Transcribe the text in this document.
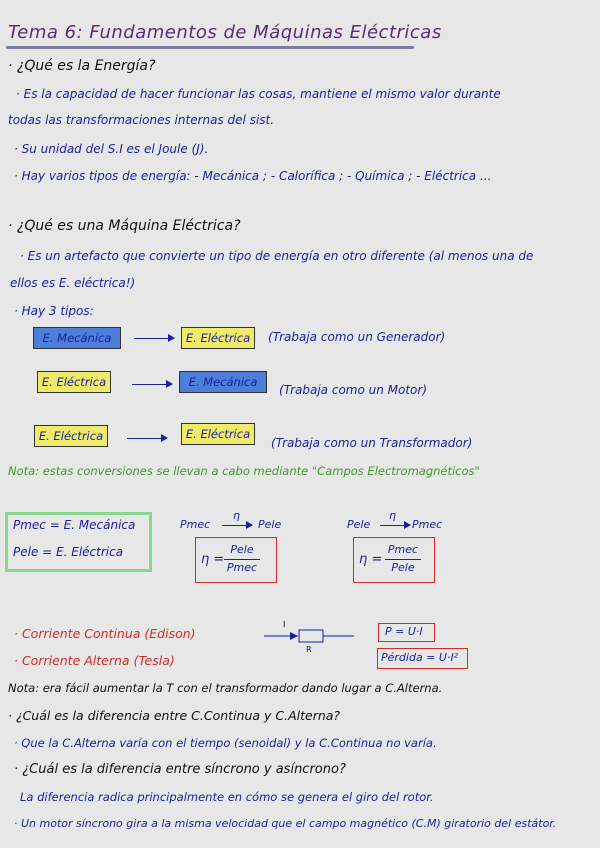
Tema 6: Fundamentos de Máquinas Eléctricas
· ¿Qué es la Energía?
· Es la capacidad de hacer funcionar las cosas, mantiene el mismo valor durante
todas las transformaciones internas del sist.
· Su unidad del S.I es el Joule (J).
· Hay varios tipos de energía: - Mecánica ; - Calorífica ; - Química ; - Eléctrica ...
· ¿Qué es una Máquina Eléctrica?
· Es un artefacto que convierte un tipo de energía en otro diferente (al menos una de
ellos es E. eléctrica!)
· Hay 3 tipos:
E. Mecánica	E. Eléctrica	(Trabaja como un Generador)
E. Eléctrica	E. Mecánica
(Trabaja como un Motor)
E. Eléctrica	E. Eléctrica
(Trabaja como un Transformador)
Nota: estas conversiones se llevan a cabo mediante "Campos Electromagnéticos"
Pmec = E. Mecánica
Pele = E. Eléctrica
Pmec
η
Pele
η =
Pele
Pmec
Pele
η
Pmec
η =
Pmec
Pele
· Corriente Continua (Edison)
· Corriente Alterna (Tesla)
I
R
P = U·I
Pérdida = U·I²
Nota: era fácil aumentar la T con el transformador dando lugar a C.Alterna.
· ¿Cuál es la diferencia entre C.Continua y C.Alterna?
· Que la C.Alterna varía con el tiempo (senoidal) y la C.Continua no varía.
· ¿Cuál es la diferencia entre síncrono y asíncrono?
La diferencia radica principalmente en cómo se genera el giro del rotor.
· Un motor síncrono gira a la misma velocidad que el campo magnético (C.M) giratorio del estátor.
